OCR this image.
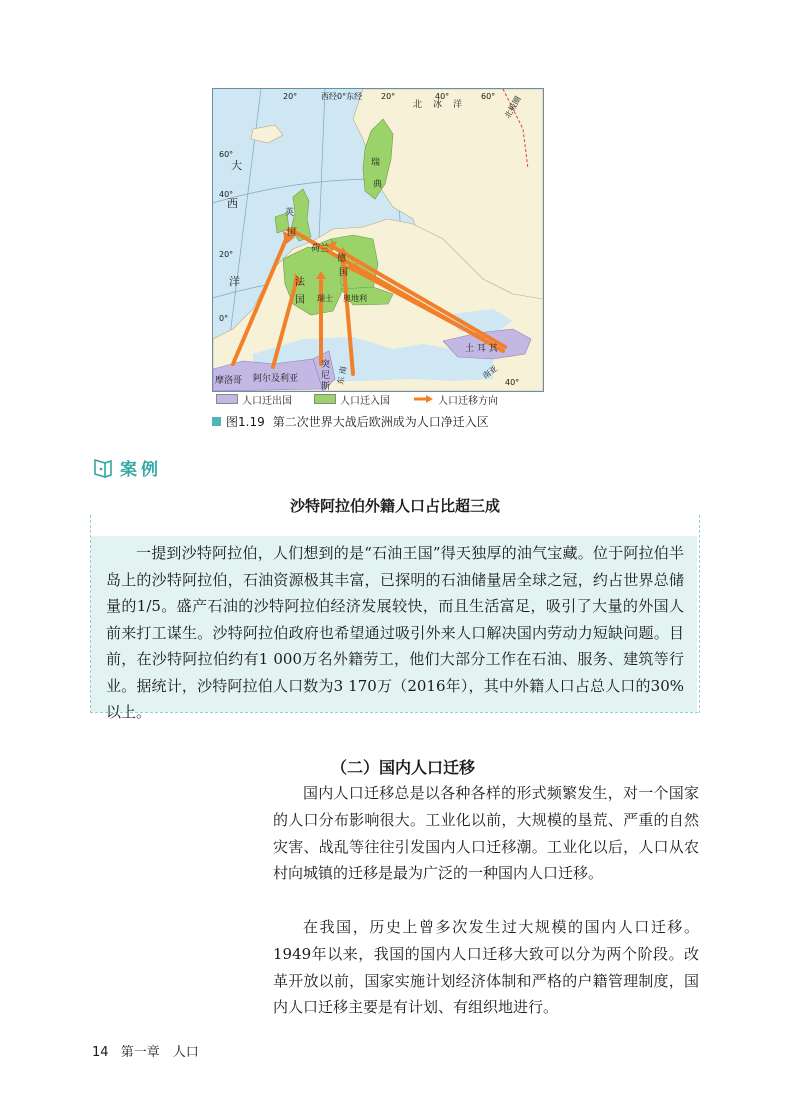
西经0°东经
20°	20°	40°	60°
40°
60°
40°
20°
0°
北极圈
大
西
洋
北 冰 洋
瑞
典
英
国
荷兰
德
国
法
国 瑞士 奥地利
土 耳 其
摩洛哥 阿尔及利亚
突
尼
斯
东 南	南亚
人口迁出国	人口迁入国	人口迁移方向
图1.19 第二次世界大战后欧洲成为人口净迁入区
案例
沙特阿拉伯外籍人口占比超三成
一提到沙特阿拉伯，人们想到的是“石油王国”得天独厚的油气宝藏。位于阿拉伯半岛上的沙特阿拉伯，石油资源极其丰富，已探明的石油储量居全球之冠，约占世界总储量的1/5。盛产石油的沙特阿拉伯经济发展较快，而且生活富足，吸引了大量的外国人前来打工谋生。沙特阿拉伯政府也希望通过吸引外来人口解决国内劳动力短缺问题。目前，在沙特阿拉伯约有1 000万名外籍劳工，他们大部分工作在石油、服务、建筑等行业。据统计，沙特阿拉伯人口数为3 170万（2016年），其中外籍人口占总人口的30%以上。
（二）国内人口迁移
国内人口迁移总是以各种各样的形式频繁发生，对一个国家的人口分布影响很大。工业化以前，大规模的垦荒、严重的自然灾害、战乱等往往引发国内人口迁移潮。工业化以后，人口从农村向城镇的迁移是最为广泛的一种国内人口迁移。
在我国，历史上曾多次发生过大规模的国内人口迁移。1949年以来，我国的国内人口迁移大致可以分为两个阶段。改革开放以前，国家实施计划经济体制和严格的户籍管理制度，国内人口迁移主要是有计划、有组织地进行。
14 第一章　人口
